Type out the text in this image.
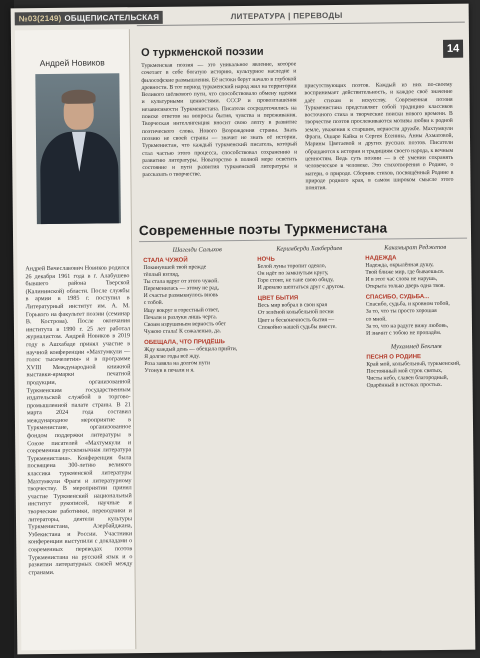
№03(2149) ОБЩЕПИСАТЕЛЬСКАЯ	ЛИТЕРАТУРА | ПЕРЕВОДЫ
14
Андрей Новиков
Андрей Вячеславович Новиков родился 26 декабря 1961 года в г. Алабушево бывшего района Тверской (Калининской) области. После службы в армии в 1985 г. поступил в Литературный институт им. А. М. Горького на факультет поэзии (семинар В. Кострова). После окончания института в 1990 г. 25 лет работал журналистом. Андрей Новиков в 2019 году в Ашхабаде принял участие в научной конференции «Махтумкули — голос тысячелетия» и в программе XVIII Международной книжной выставки-ярмарки печатной продукции, организованной Туркменским государственным издательской службой в торгово-промышленной палате страны. В 21 марта 2024 года составил международное мероприятие в Туркменистане, организованное фондом поддержки литературы в Союзе писателей «Махтумкули и современная русскоязычная литература Туркменистана». Конференция была посвящена 300-летию великого классика туркменской литературы Махтумкули Фраги и литературному творчеству. В мероприятии принял участие Туркменский национальный институт рукописей, научные и творческие работники, переводчики и литераторы, деятели культуры Туркменистана, Азербайджана, Узбекистана и России. Участники конференции выступили с докладами о современных переводах поэтов Туркменистана на русский язык и о развитии литературных связей между странами.
О туркменской поэзии
Туркменская поэзия — это уникальное явление, которое сочетает в себе богатую историю, культурное наследие и философские размышления. Её истоки берут начало в глубокой древности. В тот период туркменский народ жил на территории Великого шёлкового пути, что способствовало обмену идеями и культурными ценностями. СССР и провозглашения независимости Туркменистана. Писатели сосредоточились на поиске ответов на вопросы бытия, чувства и переживания. Творческая интеллигенция вносит свою лепту в развитие поэтического слова. Нового Возрождения страны. Знать поэзию не своей страны — значит не знать её истории. Туркменистан, что каждый туркменский писатель, который стал частью этого процесса, способствовал сохранению и развитию литературы. Новаторство в полной мере осветить состояние и пути развития туркменской литературы и рассказать о творчестве.
присутствующих поэтов. Каждый из них по-своему воспринимает действительность, и каждое своё значение даёт стихам и искусству. Современная поэзия Туркменистана представляет собой традицию классиков восточного стиха и творческие поиски нового времени. В творчестве поэтов прослеживаются мотивы любви к родной земле, уважения к старшим, верности дружбе. Махтумкули Фраги, Ошаре Кайка и Сергея Есенина, Анны Ахматовой, Марины Цветаевой и других русских поэтов. Писатели обращаются к истории и традициям своего народа, к вечным ценностям. Ведь суть поэзии — в её умении сохранять человеческое в человеке. Это стихотворения о Родине, о матери, о природе. Сборник стихов, посвящённый Родине в природе родного края, в самом широком смысле этого понятия.
Современные поэты Туркменистана
Шагелди Салыхов
СТАЛА ЧУЖОЙ
Покинувшей твой прежде
тёплый взгляд,
Ты стала вдруг от этого чужой.
Переменилась — этому не рад,
И счастье размыкнулось вновь
с тобой.
Ищу вокруг в горестный ответ,
Печали и разлуки лишь черта.
Своим изрушеньем верность обет
Чужою стала! К сожаленью, да.
ОБЕЩАЛА, ЧТО ПРИДЁШЬ
Жду каждый день — обещала прийти,
Я долгие годы всё жду.
Роза завяла на долгом пути
Утонув в печали и я.
Керимберди Хакбердиев
НОЧЬ
Белой луны торопит одеяло,
Он идёт по замкнутым кругу,
Горе стоит, не тане свою обиду,
И дремлю шептаться друг с другом.
ЦВЕТ БЫТИЯ
Весь мир вобрал в свои края
От зелёной колыбельной песни
Цвет и бесконечность бытия —
Спокойно нашей судьбы вместе.
Какамырат Реджепов
НАДЕЖДА
Надежда, окрылённая душу,
Твой ближе мир, где бываешься.
И в этот час слова не нарушь,
Открыта только дверь одна твоя.
СПАСИБО, СУДЬБА...
Спасибо, судьба, и кровном тобой,
За то, что ты просто хорошая
со мной.
За то, что на радуге вижу любовь,
И значит с тобою не пропадём.
Мухаммед Бекгиев
ПЕСНЯ О РОДИНЕ
Край мой, колыбельный, туркменский,
Постоянный мой строк святых,
Чисты небо, славен благородный,
Одарённый в истоках простых.
